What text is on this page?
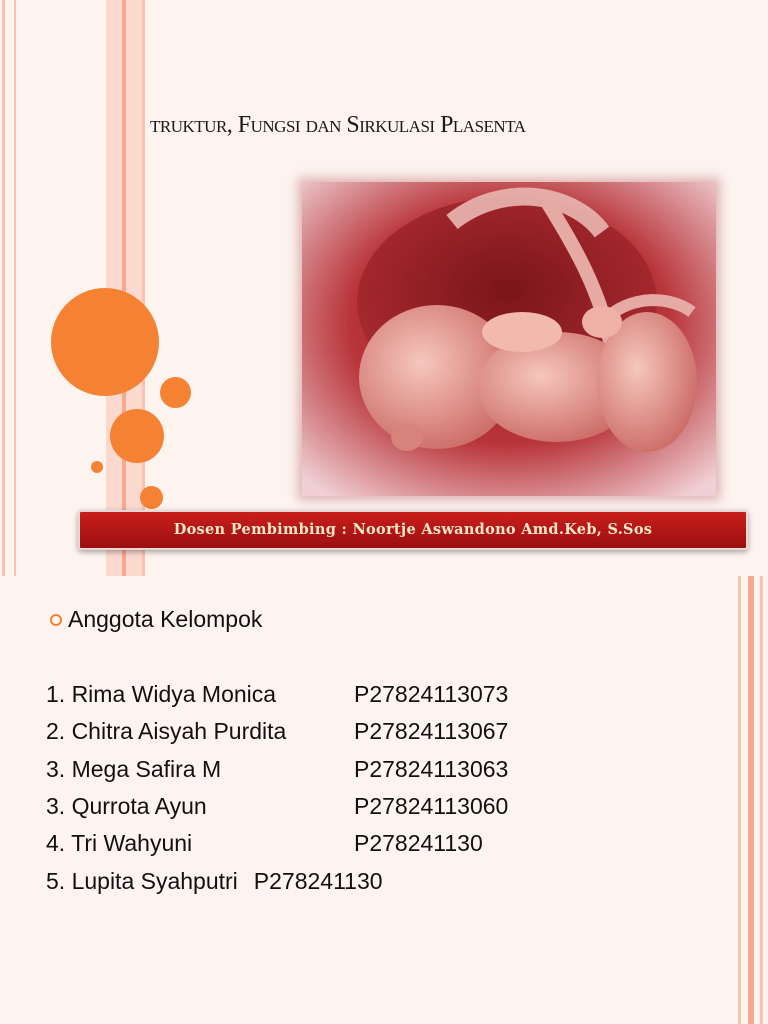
truktur, Fungsi dan Sirkulasi Plasenta
Dosen Pembimbing : Noortje Aswandono Amd.Keb, S.Sos
Anggota Kelompok
1. Rima Widya Monica	P27824113073
2. Chitra Aisyah Purdita	P27824113067
3. Mega Safira M	P27824113063
3. Qurrota Ayun	P27824113060
4. Tri Wahyuni	P278241130
5. Lupita Syahputri P278241130
